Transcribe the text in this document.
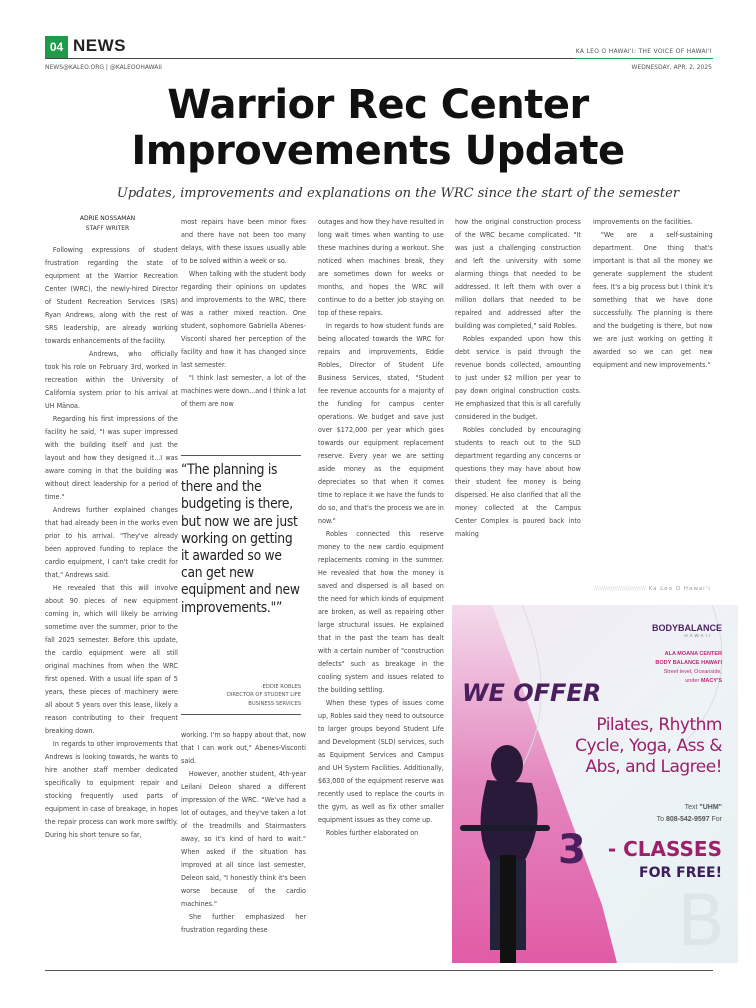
04 NEWS	KA LEO O HAWAI'I: THE VOICE OF HAWAI'I
NEWS@KALEO.ORG | @KALEOOHAWAII	WEDNESDAY, APR. 2, 2025
Warrior Rec Center
Improvements Update
Updates, improvements and explanations on the WRC since the start of the semester
ADRIE NOSSAMAN
STAFF WRITER

Following expressions of student frustration regarding the state of equipment at the Warrior Recreation Center (WRC), the newly-hired Director of Student Recreation Services (SRS) Ryan Andrews, along with the rest of SRS leadership, are already working towards enhancements of the facility.

Andrews, who officially took his role on February 3rd, worked in recreation within the University of California system prior to his arrival at UH Mānoa.

Regarding his first impressions of the facility he said, "I was super impressed with the building itself and just the layout and how they designed it...I was aware coming in that the building was without direct leadership for a period of time."

Andrews further explained changes that had already been in the works even prior to his arrival. "They've already been approved funding to replace the cardio equipment, I can't take credit for that," Andrews said.

He revealed that this will involve about 90 pieces of new equipment coming in, which will likely be arriving sometime over the summer, prior to the fall 2025 semester. Before this update, the cardio equipment were all still original machines from when the WRC first opened. With a usual life span of 5 years, these pieces of machinery were all about 5 years over this lease, likely a reason contributing to their frequent breaking down.

In regards to other improvements that Andrews is looking towards, he wants to hire another staff member dedicated specifically to equipment repair and stocking frequently used parts of equipment in case of breakage, in hopes the repair process can work more swiftly. During his short tenure so far,

most repairs have been minor fixes and there have not been too many delays, with these issues usually able to be solved within a week or so.

When talking with the student body regarding their opinions on updates and improvements to the WRC, there was a rather mixed reaction. One student, sophomore Gabriella Abenes-Visconti shared her perception of the facility and how it has changed since last semester.

"I think last semester, a lot of the machines were down...and I think a lot of them are now

“The planning is there and the budgeting is there, but now we are just working on getting it awarded so we can get new equipment and new improvements."”
-EDDIE ROBLES
DIRECTOR OF STUDENT LIFE
BUSINESS SERVICES

working. I'm so happy about that, now that I can work out," Abenes-Visconti said.

However, another student, 4th-year Leilani Deleon shared a different impression of the WRC. "We've had a lot of outages, and they've taken a lot of the treadmills and Stairmasters away, so it's kind of hard to wait." When asked if the situation has improved at all since last semester, Deleon said, "I honestly think it's been worse because of the cardio machines."

She further emphasized her frustration regarding these

outages and how they have resulted in long wait times when wanting to use these machines during a workout. She noticed when machines break, they are sometimes down for weeks or months, and hopes the WRC will continue to do a better job staying on top of these repairs.

In regards to how student funds are being allocated towards the WRC for repairs and improvements, Eddie Robles, Director of Student Life Business Services, stated, "Student fee revenue accounts for a majority of the funding for campus center operations. We budget and save just over $172,000 per year which goes towards our equipment replacement reserve. Every year we are setting aside money as the equipment depreciates so that when it comes time to replace it we have the funds to do so, and that's the process we are in now."

Robles connected this reserve money to the new cardio equipment replacements coming in the summer. He revealed that how the money is saved and dispersed is all based on the need for which kinds of equipment are broken, as well as repairing other large structural issues. He explained that in the past the team has dealt with a certain number of "construction defects" such as breakage in the cooling system and issues related to the building settling.

When these types of issues come up, Robles said they need to outsource to larger groups beyond Student Life and Development (SLD) services, such as Equipment Services and Campus and UH System Facilities. Additionally, $63,000 of the equipment reserve was recently used to replace the courts in the gym, as well as fix other smaller equipment issues as they come up.

Robles further elaborated on

how the original construction process of the WRC became complicated. "It was just a challenging construction and left the university with some alarming things that needed to be addressed. It left them with over a million dollars that needed to be repaired and addressed after the building was completed," said Robles.

Robles expanded upon how this debt service is paid through the revenue bonds collected, amounting to just under $2 million per year to pay down original construction costs. He emphasized that this is all carefully considered in the budget.

Robles concluded by encouraging students to reach out to the SLD department regarding any concerns or questions they may have about how their student fee money is being dispersed. He also clarified that all the money collected at the Campus Center Complex is poured back into making

improvements on the facilities.

"We are a self-sustaining department. One thing that's important is that all the money we generate supplement the student fees. It's a big process but I think it's something that we have done successfully. The planning is there and the budgeting is there, but now we are just working on getting it awarded so we can get new equipment and new improvements."

//////////////////////////// Ka Leo O Hawai'i
B
BODYBALANCE
HAWAII
ALA MOANA CENTER
BODY BALANCE HAWAI'I
Street level, Oceanside,
under MACY'S
WE OFFER
Pilates, Rhythm
Cycle, Yoga, Ass &
Abs, and Lagree!
Text "UHM"
To 808-542-9597 For
3 - CLASSES
FOR FREE!
